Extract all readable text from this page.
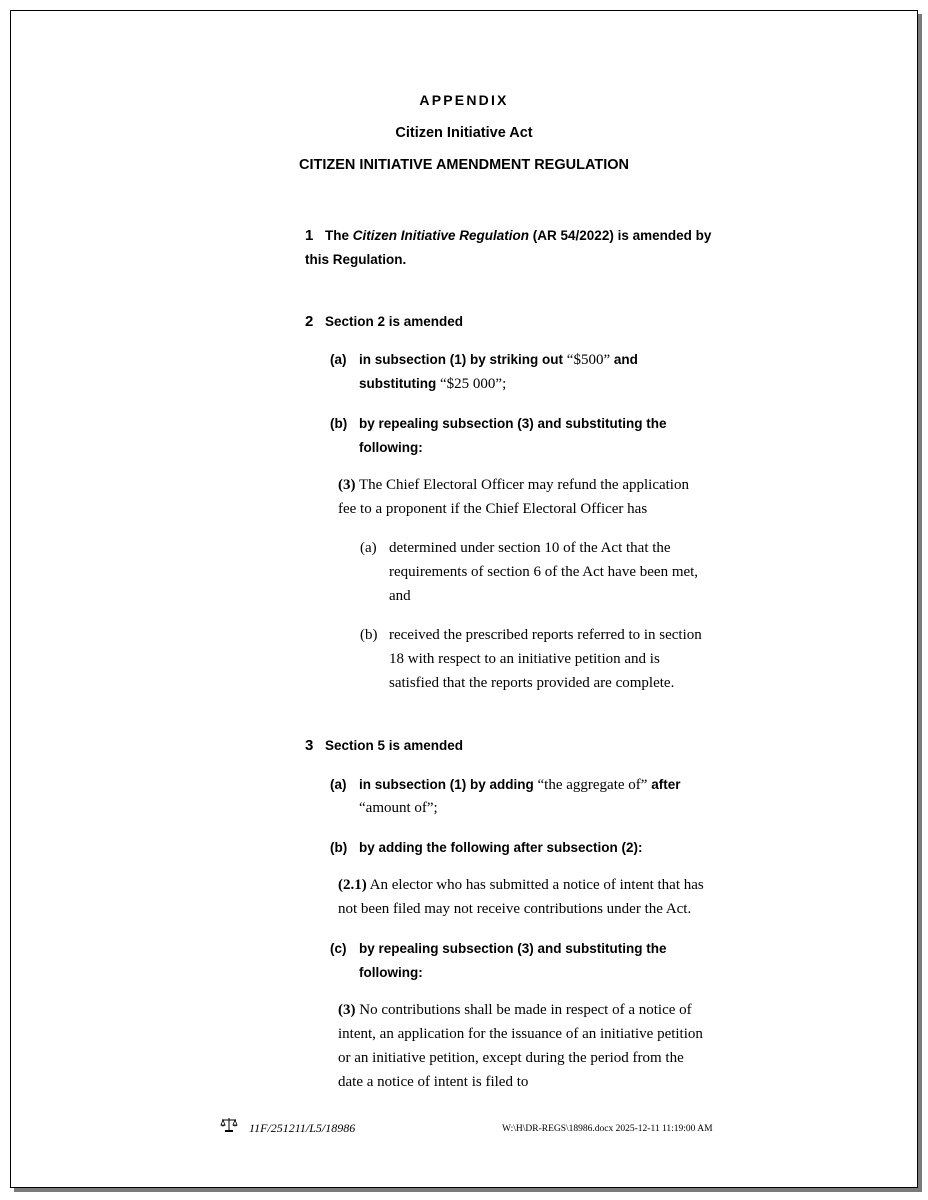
APPENDIX
Citizen Initiative Act
CITIZEN INITIATIVE AMENDMENT REGULATION
1 The Citizen Initiative Regulation (AR 54/2022) is amended by
this Regulation.
2 Section 2 is amended
(a) in subsection (1) by striking out “$500” and
substituting “$25 000”;
(b) by repealing subsection (3) and substituting the
following:
(3) The Chief Electoral Officer may refund the application
fee to a proponent if the Chief Electoral Officer has
(a) determined under section 10 of the Act that the
requirements of section 6 of the Act have been met,
and
(b) received the prescribed reports referred to in section
18 with respect to an initiative petition and is
satisfied that the reports provided are complete.
3 Section 5 is amended
(a) in subsection (1) by adding “the aggregate of” after
“amount of”;
(b) by adding the following after subsection (2):
(2.1) An elector who has submitted a notice of intent that has
not been filed may not receive contributions under the Act.
(c) by repealing subsection (3) and substituting the
following:
(3) No contributions shall be made in respect of a notice of
intent, an application for the issuance of an initiative petition
or an initiative petition, except during the period from the
date a notice of intent is filed to
11F/251211/L5/18986	W:\H\DR-REGS\18986.docx 2025-12-11 11:19:00 AM
